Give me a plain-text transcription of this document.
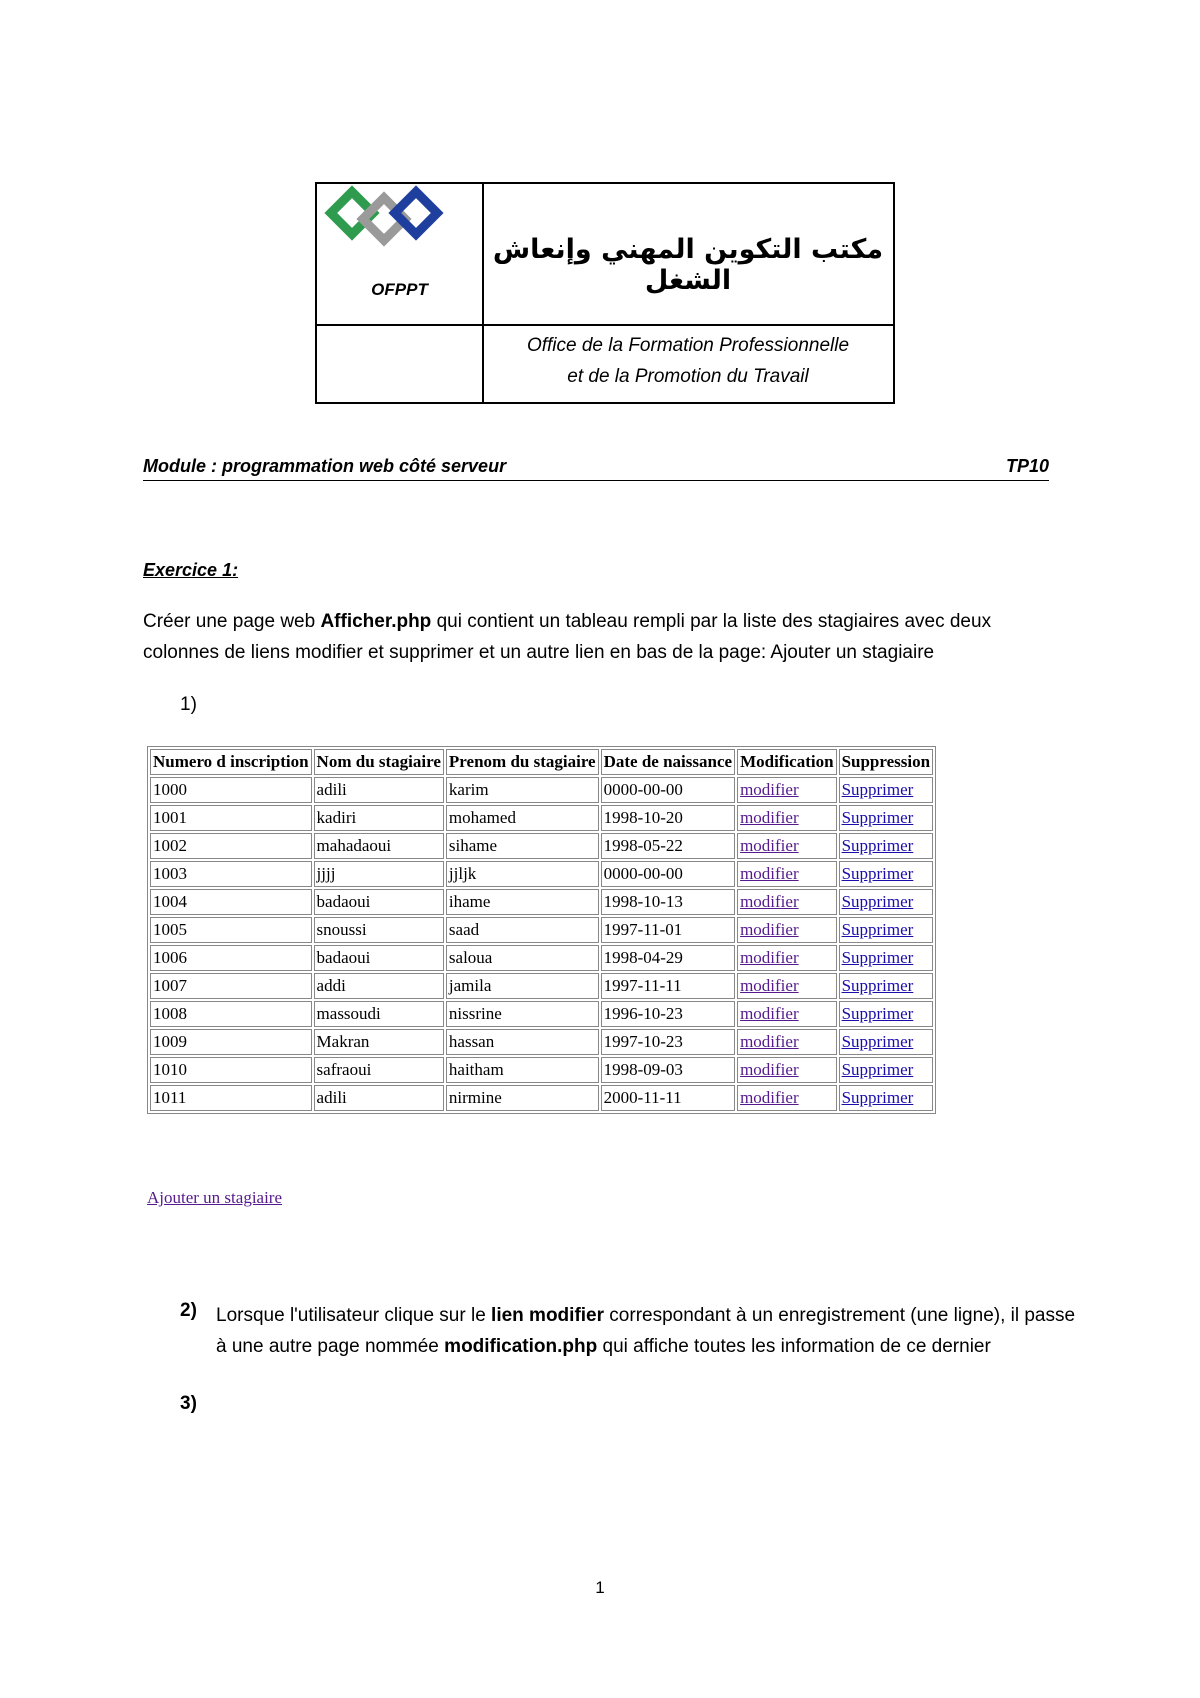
OFPPT
مكتب التكوين المهني وإنعاش الشغل
Office de la Formation Professionnelle
et de la Promotion du Travail
Module : programmation web côté serveur	TP10
Exercice 1:
Créer une page web Afficher.php qui contient un tableau rempli par la liste des stagiaires avec deux colonnes de liens modifier et supprimer et un autre lien en bas de la page: Ajouter un stagiaire
1)
Numero d inscription	Nom du stagiaire	Prenom du stagiaire	Date de naissance	Modification	Suppression
1000	adili	karim	0000-00-00	modifier	Supprimer
1001	kadiri	mohamed	1998-10-20	modifier	Supprimer
1002	mahadaoui	sihame	1998-05-22	modifier	Supprimer
1003	jjjj	jjljk	0000-00-00	modifier	Supprimer
1004	badaoui	ihame	1998-10-13	modifier	Supprimer
1005	snoussi	saad	1997-11-01	modifier	Supprimer
1006	badaoui	saloua	1998-04-29	modifier	Supprimer
1007	addi	jamila	1997-11-11	modifier	Supprimer
1008	massoudi	nissrine	1996-10-23	modifier	Supprimer
1009	Makran	hassan	1997-10-23	modifier	Supprimer
1010	safraoui	haitham	1998-09-03	modifier	Supprimer
1011	adili	nirmine	2000-11-11	modifier	Supprimer
Ajouter un stagiaire
2) Lorsque l'utilisateur clique sur le lien modifier correspondant à un enregistrement (une ligne), il passe à une autre page nommée modification.php qui affiche toutes les information de ce dernier
3)
1
